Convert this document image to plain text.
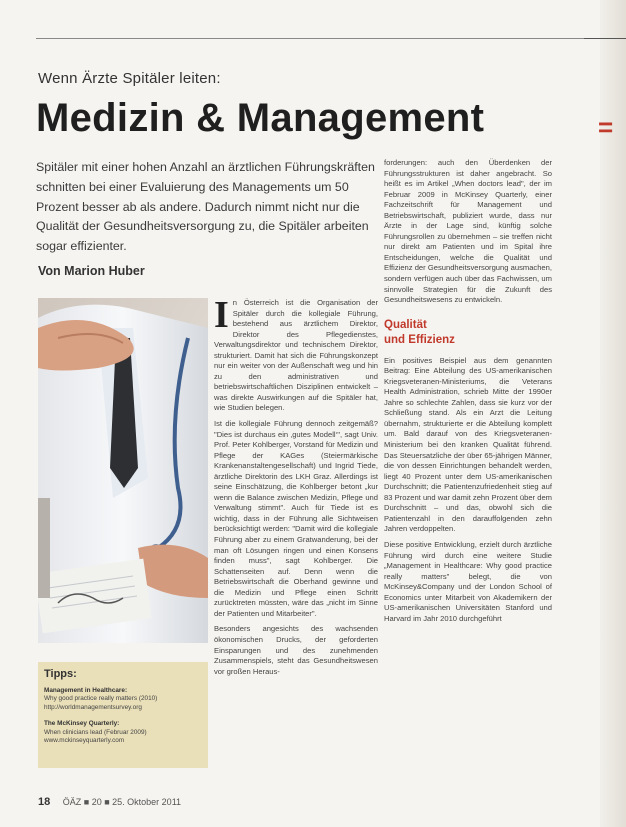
Wenn Ärzte Spitäler leiten:
Medizin & Management	=
Spitäler mit einer hohen Anzahl an ärztlichen Führungskräften schnitten bei einer Evaluierung des Managements um 50 Prozent besser ab als andere. Dadurch nimmt nicht nur die Qualität der Gesundheitsversorgung zu, die Spitäler arbeiten sogar effizienter.
Von Marion Huber
Tipps:
Management in Healthcare:
Why good practice really matters (2010)
http://worldmanagementsurvey.org
The McKinsey Quarterly:
When clinicians lead (Februar 2009)
www.mckinseyquarterly.com

In Österreich ist die Organisation der Spitäler durch die kollegiale Führung, bestehend aus ärztlichem Direktor, Direktor des Pflegedienstes, Verwaltungsdirektor und technischem Direktor, strukturiert. Damit hat sich die Führungskonzept nur ein weiter von der Außenschaft weg und hin zu den administrativen und betriebswirtschaftlichen Disziplinen entwickelt – was direkte Auswirkungen auf die Spitäler hat, wie Studien belegen.

Ist die kollegiale Führung dennoch zeitgemäß? "Dies ist durchaus ein ‚gutes Modell‘", sagt Univ. Prof. Peter Kohlberger, Vorstand für Medizin und Pflege der KAGes (Steiermärkische Krankenanstaltengesellschaft) und Ingrid Tiede, ärztliche Direktorin des LKH Graz. Allerdings ist seine Einschätzung, die Kohlberger betont „kur wenn die Balance zwischen Medizin, Pflege und Verwaltung stimmt". Auch für Tiede ist es wichtig, dass in der Führung alle Sichtweisen berücksichtigt werden: "Damit wird die kollegiale Führung aber zu einem Gratwanderung, bei der man oft Lösungen ringen und einen Konsens finden muss", sagt Kohlberger. Die Schattenseiten auf. Denn wenn die Betriebswirtschaft die Oberhand gewinne und die Medizin und Pflege einen Schritt zurücktreten müssten, wäre das „nicht im Sinne der Patienten und Mitarbeiter".

Besonders angesichts des wachsenden ökonomischen Drucks, der geforderten Einsparungen und des zunehmenden Zusammenspiels, steht das Gesundheitswesen vor großen Heraus-

forderungen: auch den Überdenken der Führungsstrukturen ist daher angebracht. So heißt es im Artikel „When doctors lead", der im Februar 2009 in McKinsey Quarterly, einer Fachzeitschrift für Management und Betriebswirtschaft, publiziert wurde, dass nur Ärzte in der Lage sind, künftig solche Führungsrollen zu übernehmen – sie treffen nicht nur direkt am Patienten und im Spital ihre Entscheidungen, welche die Qualität und Effizienz der Gesundheitsversorgung ausmachen, sondern verfügen auch über das Fachwissen, um sinnvolle Strategien für die Zukunft des Gesundheitswesens zu entwickeln.

Qualität
und Effizienz

Ein positives Beispiel aus dem genannten Beitrag: Eine Abteilung des US-amerikanischen Kriegsveteranen-Ministeriums, die Veterans Health Administration, schrieb Mitte der 1990er Jahre so schlechte Zahlen, dass sie kurz vor der Schließung stand. Als ein Arzt die Leitung übernahm, strukturierte er die Abteilung komplett um. Bald darauf von des Kriegsveteranen-Ministerium bei den kranken Qualität führend. Das Steuersatzliche der über 65-jährigen Männer, die von dessen Einrichtungen behandelt werden, liegt 40 Prozent unter dem US-amerikanischen Durchschnitt; die Patientenzufriedenheit stieg auf 83 Prozent und war damit zehn Prozent über dem Durchschnitt – und das, obwohl sich die Patientenzahl in den darauffolgenden zehn Jahren verdoppelten.

Diese positive Entwicklung, erzielt durch ärztliche Führung wird durch eine weitere Studie „Management in Healthcare: Why good practice really matters" belegt, die von McKinsey&Company und der London School of Economics unter Mitarbeit von Akademikern der US-amerikanischen Universitäten Stanford und Harvard im Jahr 2010 durchgeführt

18 ÖÄZ ■ 20 ■ 25. Oktober 2011
